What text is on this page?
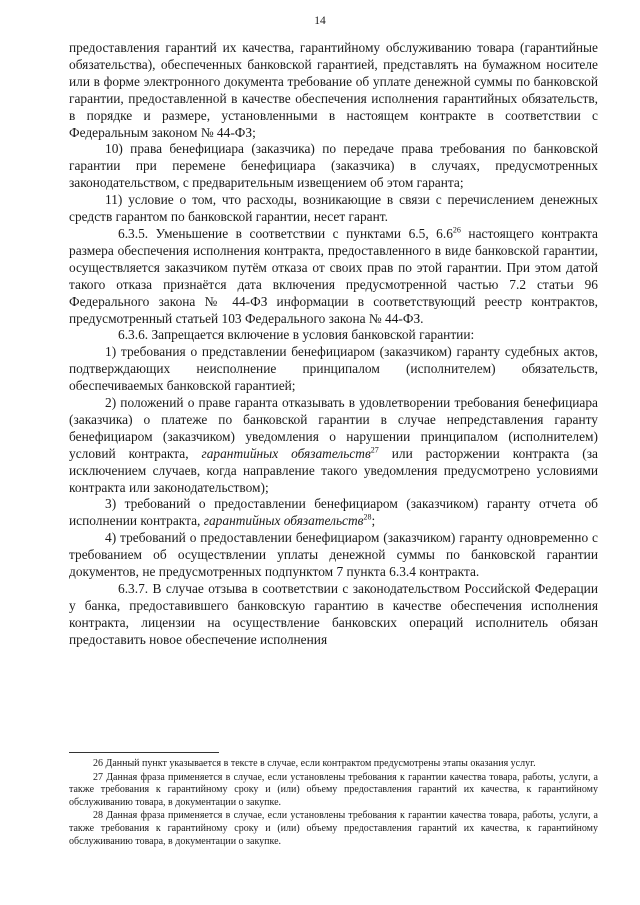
14

предоставления гарантий их качества, гарантийному обслуживанию товара (гарантийные обязательства), обеспеченных банковской гарантией, представлять на бумажном носителе или в форме электронного документа требование об уплате денежной суммы по банковской гарантии, предоставленной в качестве обеспечения исполнения гарантийных обязательств, в порядке и размере, установленными в настоящем контракте в соответствии с Федеральным законом № 44-ФЗ;

10) права бенефициара (заказчика) по передаче права требования по банковской гарантии при перемене бенефициара (заказчика) в случаях, предусмотренных законодательством, с предварительным извещением об этом гаранта;

11) условие о том, что расходы, возникающие в связи с перечислением денежных средств гарантом по банковской гарантии, несет гарант.

6.3.5. Уменьшение в соответствии с пунктами 6.5, $6.6^{26}$ настоящего контракта размера обеспечения исполнения контракта, предоставленного в виде банковской гарантии, осуществляется заказчиком путём отказа от своих прав по этой гарантии. При этом датой такого отказа признаётся дата включения предусмотренной частью 7.2 статьи 96 Федерального закона № 44-ФЗ информации в соответствующий реестр контрактов, предусмотренный статьей 103 Федерального закона № 44-ФЗ.

6.3.6. Запрещается включение в условия банковской гарантии:

1) требования о представлении бенефициаром (заказчиком) гаранту судебных актов, подтверждающих неисполнение принципалом (исполнителем) обязательств, обеспечиваемых банковской гарантией;

2) положений о праве гаранта отказывать в удовлетворении требования бенефициара (заказчика) о платеже по банковской гарантии в случае непредставления гаранту бенефициаром (заказчиком) уведомления о нарушении принципалом (исполнителем) условий контракта, гарантийных обязательств$^{27}$ или расторжении контракта (за исключением случаев, когда направление такого уведомления предусмотрено условиями контракта или законодательством);

3) требований о предоставлении бенефициаром (заказчиком) гаранту отчета об исполнении контракта, гарантийных обязательств$^{28}$;

4) требований о предоставлении бенефициаром (заказчиком) гаранту одновременно с требованием об осуществлении уплаты денежной суммы по банковской гарантии документов, не предусмотренных подпунктом 7 пункта 6.3.4 контракта.

6.3.7. В случае отзыва в соответствии с законодательством Российской Федерации у банка, предоставившего банковскую гарантию в качестве обеспечения исполнения контракта, лицензии на осуществление банковских операций исполнитель обязан предоставить новое обеспечение исполнения

26 Данный пункт указывается в тексте в случае, если контрактом предусмотрены этапы оказания услуг.

27 Данная фраза применяется в случае, если установлены требования к гарантии качества товара, работы, услуги, а также требования к гарантийному сроку и (или) объему предоставления гарантий их качества, к гарантийному обслуживанию товара, в документации о закупке.

28 Данная фраза применяется в случае, если установлены требования к гарантии качества товара, работы, услуги, а также требования к гарантийному сроку и (или) объему предоставления гарантий их качества, к гарантийному обслуживанию товара, в документации о закупке.
